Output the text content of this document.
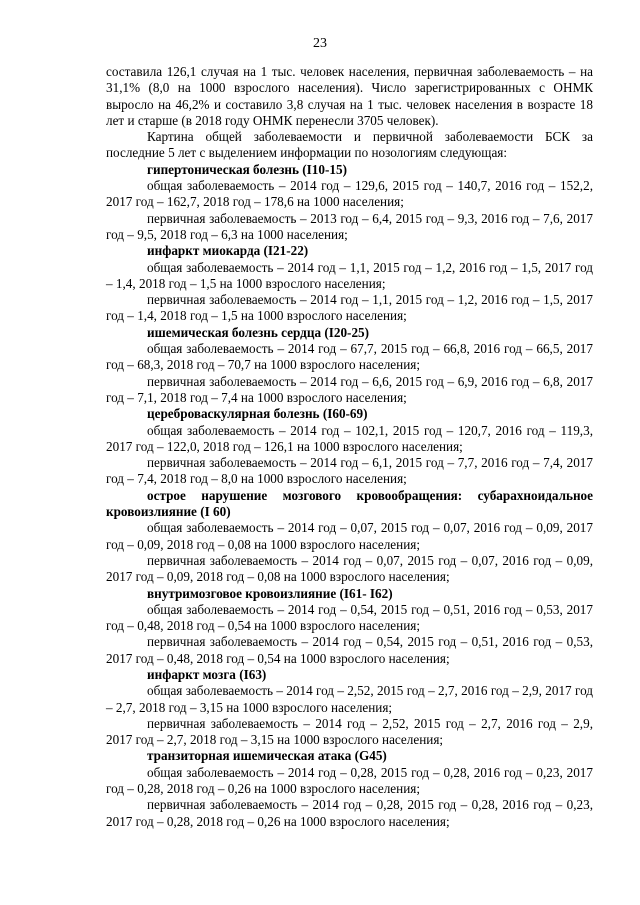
23

составила 126,1 случая на 1 тыс. человек населения, первичная заболеваемость – на 31,1% (8,0 на 1000 взрослого населения). Число зарегистрированных с ОНМК выросло на 46,2% и составило 3,8 случая на 1 тыс. человек населения в возрасте 18 лет и старше (в 2018 году ОНМК перенесли 3705 человек).

Картина общей заболеваемости и первичной заболеваемости БСК за последние 5 лет с выделением информации по нозологиям следующая:

гипертоническая болезнь (I10-15)

общая заболеваемость – 2014 год – 129,6, 2015 год – 140,7, 2016 год – 152,2, 2017 год – 162,7, 2018 год – 178,6 на 1000 населения;

первичная заболеваемость – 2013 год – 6,4, 2015 год – 9,3, 2016 год – 7,6, 2017 год – 9,5, 2018 год – 6,3 на 1000 населения;

инфаркт миокарда (I21-22)

общая заболеваемость – 2014 год – 1,1, 2015 год – 1,2, 2016 год – 1,5, 2017 год – 1,4, 2018 год – 1,5 на 1000 взрослого населения;

первичная заболеваемость – 2014 год – 1,1, 2015 год – 1,2, 2016 год – 1,5, 2017 год – 1,4, 2018 год – 1,5 на 1000 взрослого населения;

ишемическая болезнь сердца (I20-25)

общая заболеваемость – 2014 год – 67,7, 2015 год – 66,8, 2016 год – 66,5, 2017 год – 68,3, 2018 год – 70,7 на 1000 взрослого населения;

первичная заболеваемость – 2014 год – 6,6, 2015 год – 6,9, 2016 год – 6,8, 2017 год – 7,1, 2018 год – 7,4 на 1000 взрослого населения;

цереброваскулярная болезнь (I60-69)

общая заболеваемость – 2014 год – 102,1, 2015 год – 120,7, 2016 год – 119,3, 2017 год – 122,0, 2018 год – 126,1 на 1000 взрослого населения;

первичная заболеваемость – 2014 год – 6,1, 2015 год – 7,7, 2016 год – 7,4, 2017 год – 7,4, 2018 год – 8,0 на 1000 взрослого населения;

острое нарушение мозгового кровообращения: субарахноидальное кровоизлияние (I 60)

общая заболеваемость – 2014 год – 0,07, 2015 год – 0,07, 2016 год – 0,09, 2017 год – 0,09, 2018 год – 0,08 на 1000 взрослого населения;

первичная заболеваемость – 2014 год – 0,07, 2015 год – 0,07, 2016 год – 0,09, 2017 год – 0,09, 2018 год – 0,08 на 1000 взрослого населения;

внутримозговое кровоизлияние (I61- I62)

общая заболеваемость – 2014 год – 0,54, 2015 год – 0,51, 2016 год – 0,53, 2017 год – 0,48, 2018 год – 0,54 на 1000 взрослого населения;

первичная заболеваемость – 2014 год – 0,54, 2015 год – 0,51, 2016 год – 0,53, 2017 год – 0,48, 2018 год – 0,54 на 1000 взрослого населения;

инфаркт мозга (I63)

общая заболеваемость – 2014 год – 2,52, 2015 год – 2,7, 2016 год – 2,9, 2017 год – 2,7, 2018 год – 3,15 на 1000 взрослого населения;

первичная заболеваемость – 2014 год – 2,52, 2015 год – 2,7, 2016 год – 2,9, 2017 год – 2,7, 2018 год – 3,15 на 1000 взрослого населения;

транзиторная ишемическая атака (G45)

общая заболеваемость – 2014 год – 0,28, 2015 год – 0,28, 2016 год – 0,23, 2017 год – 0,28, 2018 год – 0,26 на 1000 взрослого населения;

первичная заболеваемость – 2014 год – 0,28, 2015 год – 0,28, 2016 год – 0,23, 2017 год – 0,28, 2018 год – 0,26 на 1000 взрослого населения;
